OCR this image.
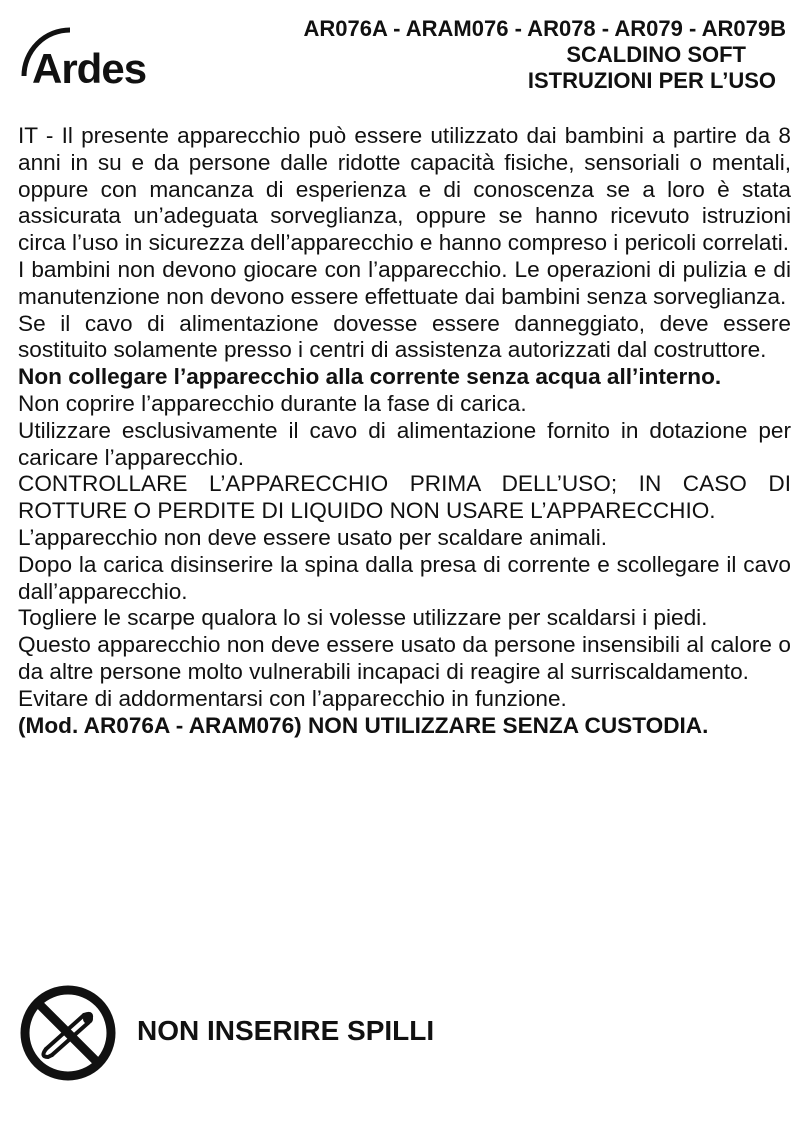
Ardes
AR076A - ARAM076 - AR078 - AR079 - AR079B
SCALDINO SOFT
ISTRUZIONI PER L’USO

IT - Il presente apparecchio può essere utilizzato dai bambini a partire da 8 anni in su e da persone dalle ridotte capacità fisiche, sensoriali o mentali, oppure con mancanza di esperienza e di conoscenza se a loro è stata assicurata un’adeguata sorveglianza, oppure se hanno ricevuto istruzioni circa l’uso in sicurezza dell’apparecchio e hanno compreso i pericoli correlati.

I bambini non devono giocare con l’apparecchio. Le operazioni di pulizia e di manutenzione non devono essere effettuate dai bambini senza sorveglianza.

Se il cavo di alimentazione dovesse essere danneggiato, deve essere sostituito solamente presso i centri di assistenza autorizzati dal costruttore.

Non collegare l’apparecchio alla corrente senza acqua all’interno.

Non coprire l’apparecchio durante la fase di carica.

Utilizzare esclusivamente il cavo di alimentazione fornito in dotazione per caricare l’apparecchio.

CONTROLLARE L’APPARECCHIO PRIMA DELL’USO; IN CASO DI ROTTURE O PERDITE DI LIQUIDO NON USARE L’APPARECCHIO.

L’apparecchio non deve essere usato per scaldare animali.

Dopo la carica disinserire la spina dalla presa di corrente e scollegare il cavo dall’apparecchio.

Togliere le scarpe qualora lo si volesse utilizzare per scaldarsi i piedi.

Questo apparecchio non deve essere usato da persone insensibili al calore o da altre persone molto vulnerabili incapaci di reagire al surriscaldamento.

Evitare di addormentarsi con l’apparecchio in funzione.

(Mod. AR076A - ARAM076) NON UTILIZZARE SENZA CUSTODIA.

NON INSERIRE SPILLI
